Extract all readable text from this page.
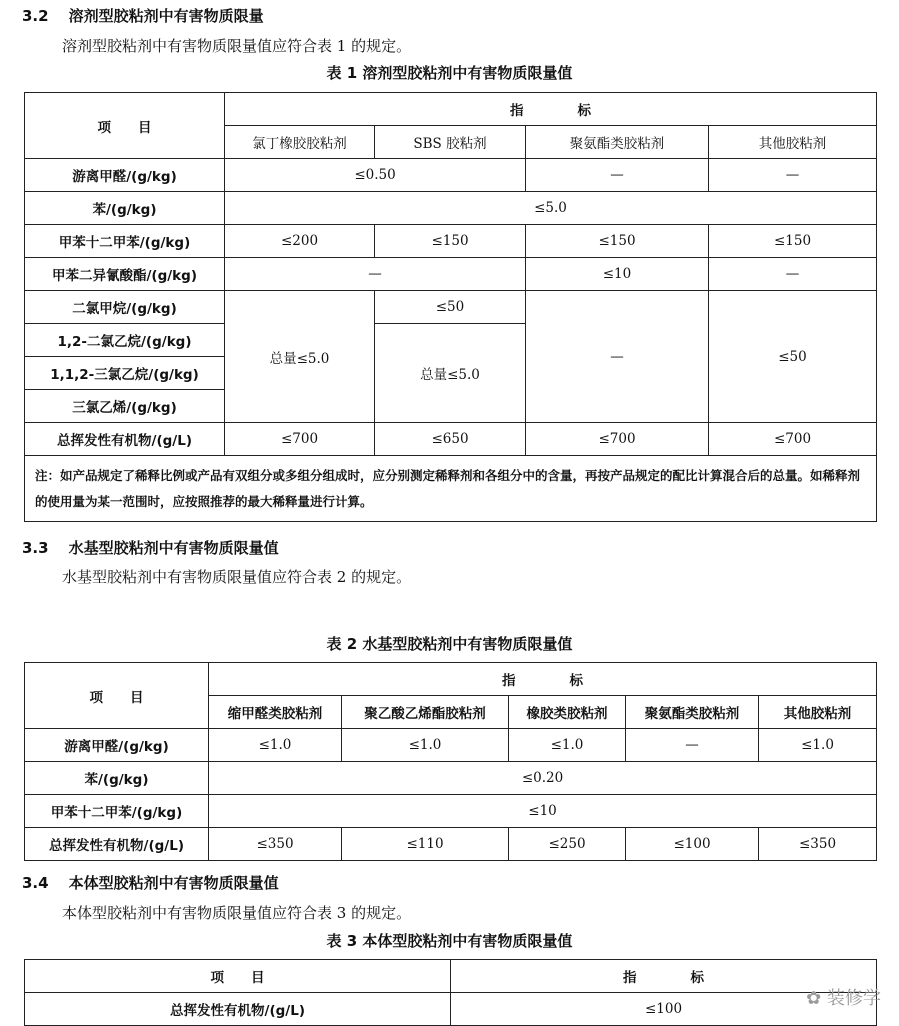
3.2 溶剂型胶粘剂中有害物质限量
溶剂型胶粘剂中有害物质限量值应符合表 1 的规定。
表 1 溶剂型胶粘剂中有害物质限量值
项　　目	指　　　　标			
	氯丁橡胶胶粘剂	SBS 胶粘剂	聚氨酯类胶粘剂	其他胶粘剂
游离甲醛/(g/kg)	≤0.50		—	—
苯/(g/kg)	≤5.0			
甲苯十二甲苯/(g/kg)	≤200	≤150	≤150	≤150
甲苯二异氰酸酯/(g/kg)	—		≤10	—
二氯甲烷/(g/kg)	总量≤5.0	≤50	—	≤50
1,2-二氯乙烷/(g/kg)		总量≤5.0		
1,1,2-三氯乙烷/(g/kg)				
三氯乙烯/(g/kg)				
总挥发性有机物/(g/L)	≤700	≤650	≤700	≤700

注：如产品规定了稀释比例或产品有双组分或多组分组成时，应分别测定稀释剂和各组分中的含量，再按产品规定的配比计算混合后的总量。如稀释剂的使用量为某一范围时，应按照推荐的最大稀释量进行计算。				
3.3 水基型胶粘剂中有害物质限量值
水基型胶粘剂中有害物质限量值应符合表 2 的规定。
表 2 水基型胶粘剂中有害物质限量值
项　　目	指　　　　标				
	缩甲醛类胶粘剂	聚乙酸乙烯酯胶粘剂	橡胶类胶粘剂	聚氨酯类胶粘剂	其他胶粘剂
游离甲醛/(g/kg)	≤1.0	≤1.0	≤1.0	—	≤1.0
苯/(g/kg)	≤0.20				
甲苯十二甲苯/(g/kg)	≤10				
总挥发性有机物/(g/L)	≤350	≤110	≤250	≤100	≤350
3.4 本体型胶粘剂中有害物质限量值
本体型胶粘剂中有害物质限量值应符合表 3 的规定。
表 3 本体型胶粘剂中有害物质限量值
项　　目	指　　　　标
总挥发性有机物/(g/L)	≤100	✿ 装修学
